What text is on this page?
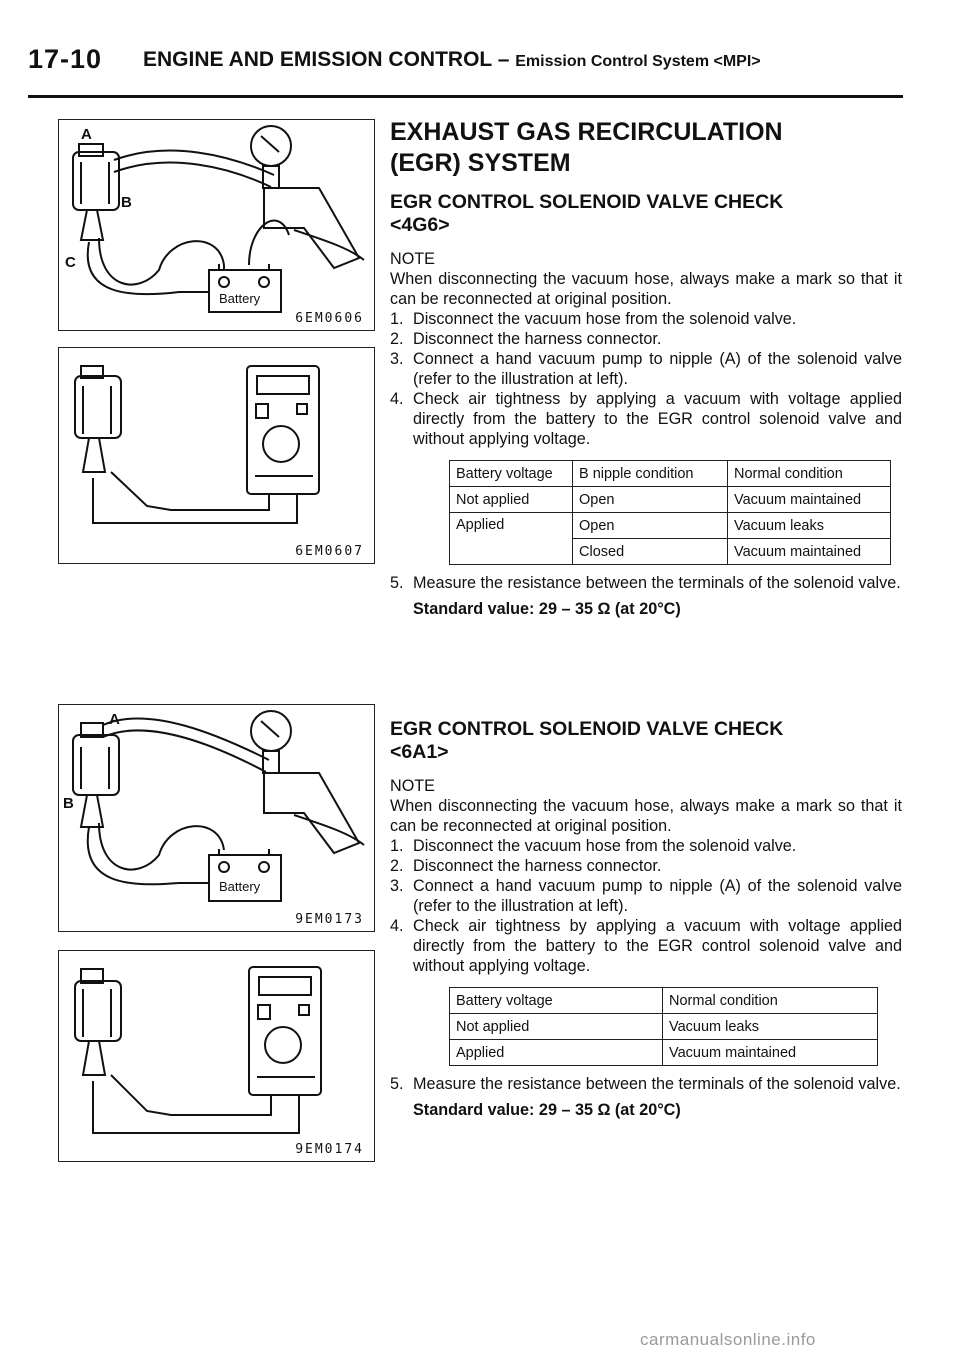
17-10 ENGINE AND EMISSION CONTROL – Emission Control System <MPI>
A
B
C
Battery
6EM0606
6EM0607
A
B
Battery
9EM0173
9EM0174
EXHAUST GAS RECIRCULATION
(EGR) SYSTEM
EGR CONTROL SOLENOID VALVE CHECK
<4G6>
NOTE
When disconnecting the vacuum hose, always make a mark so that it can be reconnected at original position.
1. Disconnect the vacuum hose from the solenoid valve.
2. Disconnect the harness connector.
3. Connect a hand vacuum pump to nipple (A) of the solenoid valve (refer to the illustration at left).
4. Check air tightness by applying a vacuum with voltage applied directly from the battery to the EGR control solenoid valve and without applying voltage.
Battery voltage	B nipple condition	Normal condition
Not applied	Open	Vacuum maintained
Applied	Open	Vacuum leaks
	Closed	Vacuum maintained
5. Measure the resistance between the terminals of the solenoid valve.
Standard value: 29 – 35 Ω (at 20°C)
EGR CONTROL SOLENOID VALVE CHECK
<6A1>
NOTE
When disconnecting the vacuum hose, always make a mark so that it can be reconnected at original position.
1. Disconnect the vacuum hose from the solenoid valve.
2. Disconnect the harness connector.
3. Connect a hand vacuum pump to nipple (A) of the solenoid valve (refer to the illustration at left).
4. Check air tightness by applying a vacuum with voltage applied directly from the battery to the EGR control solenoid valve and without applying voltage.
Battery voltage	Normal condition
Not applied	Vacuum leaks
Applied	Vacuum maintained
5. Measure the resistance between the terminals of the solenoid valve.
Standard value: 29 – 35 Ω (at 20°C)
carmanualsonline.info
